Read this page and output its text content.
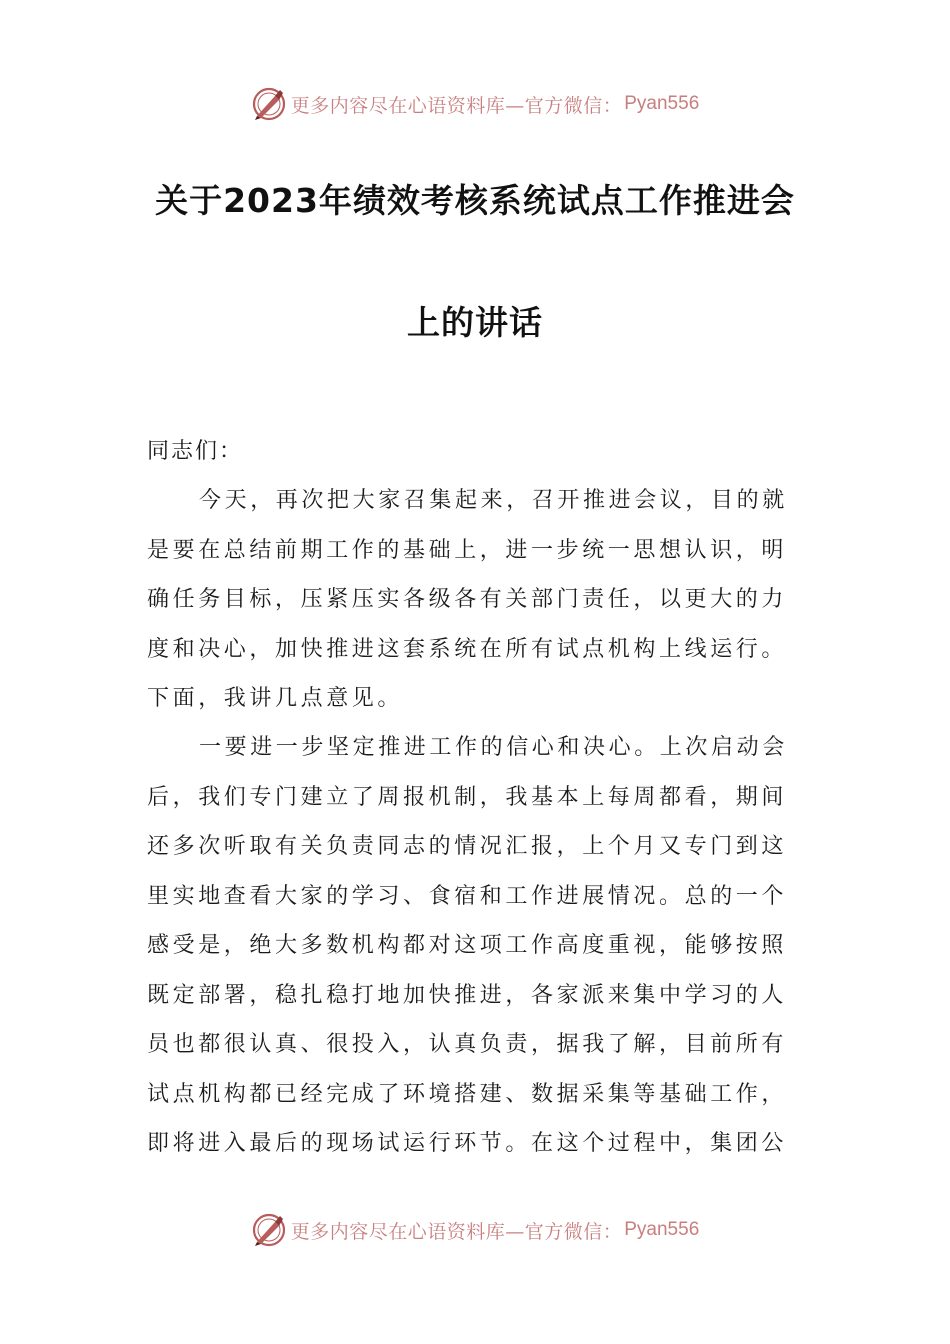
更多内容尽在心语资料库—官方微信： Pyan556
关于2023年绩效考核系统试点工作推进会
上的讲话
同志们：
今天，再次把大家召集起来，召开推进会议，目的就
是要在总结前期工作的基础上，进一步统一思想认识，明
确任务目标，压紧压实各级各有关部门责任，以更大的力
度和决心，加快推进这套系统在所有试点机构上线运行。
下面，我讲几点意见。
一要进一步坚定推进工作的信心和决心。上次启动会
后，我们专门建立了周报机制，我基本上每周都看，期间
还多次听取有关负责同志的情况汇报，上个月又专门到这
里实地查看大家的学习、食宿和工作进展情况。总的一个
感受是，绝大多数机构都对这项工作高度重视，能够按照
既定部署，稳扎稳打地加快推进，各家派来集中学习的人
员也都很认真、很投入，认真负责，据我了解，目前所有
试点机构都已经完成了环境搭建、数据采集等基础工作，
即将进入最后的现场试运行环节。在这个过程中，集团公
更多内容尽在心语资料库—官方微信： Pyan556
